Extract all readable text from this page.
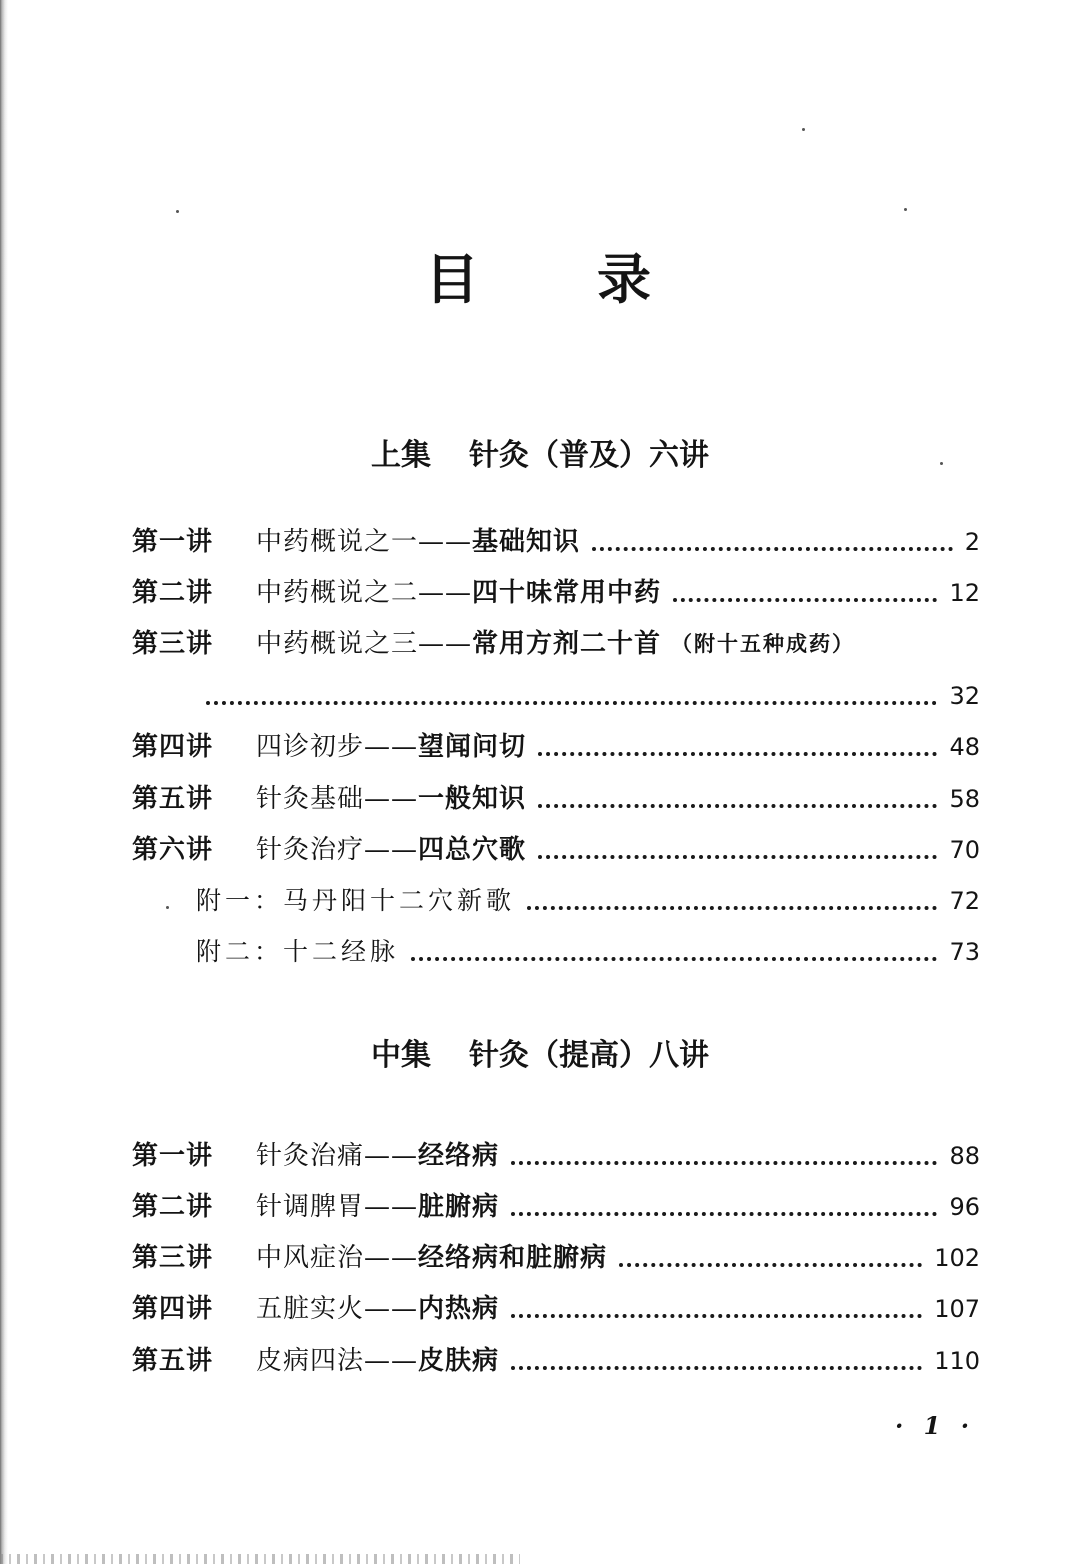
目 录
上集 针灸（普及）六讲
第一讲	中药概说之一—— 基础知识	2
第二讲	中药概说之二—— 四十味常用中药	12
第三讲	中药概说之三—— 常用方剂二十首 （附十五种成药）
32
第四讲	四诊初步—— 望闻问切	48
第五讲	针灸基础—— 一般知识	58
第六讲	针灸治疗—— 四总穴歌	70
附一：马丹阳十二穴新歌	72
附二：十二经脉	73
中集 针灸（提高）八讲
第一讲	针灸治痛—— 经络病	88
第二讲	针调脾胃—— 脏腑病	96
第三讲	中风症治—— 经络病和脏腑病	102
第四讲	五脏实火—— 内热病	107
第五讲	皮病四法—— 皮肤病	110
· 1 ·
